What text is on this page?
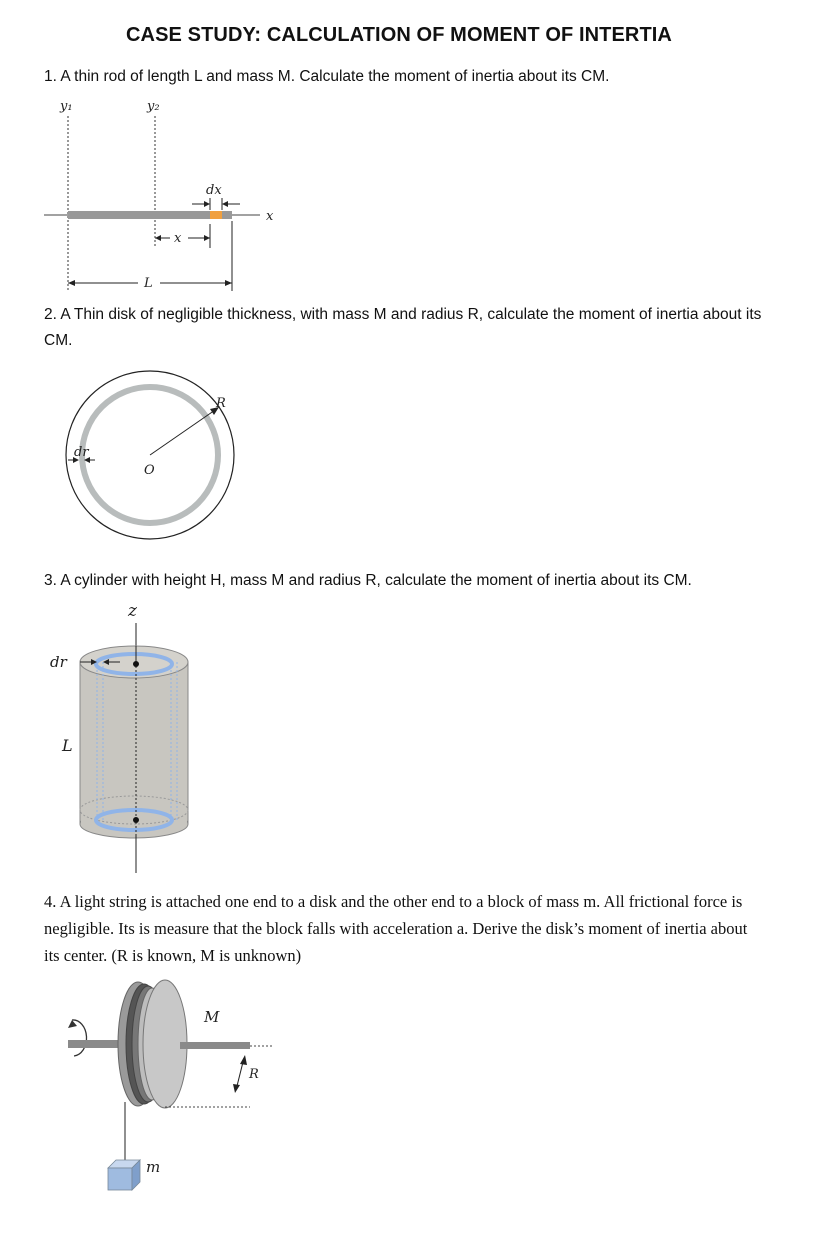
CASE STUDY: CALCULATION OF MOMENT OF INTERTIA
1. A thin rod of length L and mass M. Calculate the moment of inertia about its CM.
y₁	y₂
x
dx
x
L
2. A Thin disk of negligible thickness, with mass M and radius R, calculate the moment of inertia about its CM.
R
O
dr
3. A cylinder with height H, mass M and radius R, calculate the moment of inertia about its CM.
z
dr
L
4. A light string is attached one end to a disk and the other end to a block of mass m. All frictional force is negligible. Its is measure that the block falls with acceleration a. Derive the disk’s moment of inertia about its center. (R is known, M is unknown)
M
R
m
